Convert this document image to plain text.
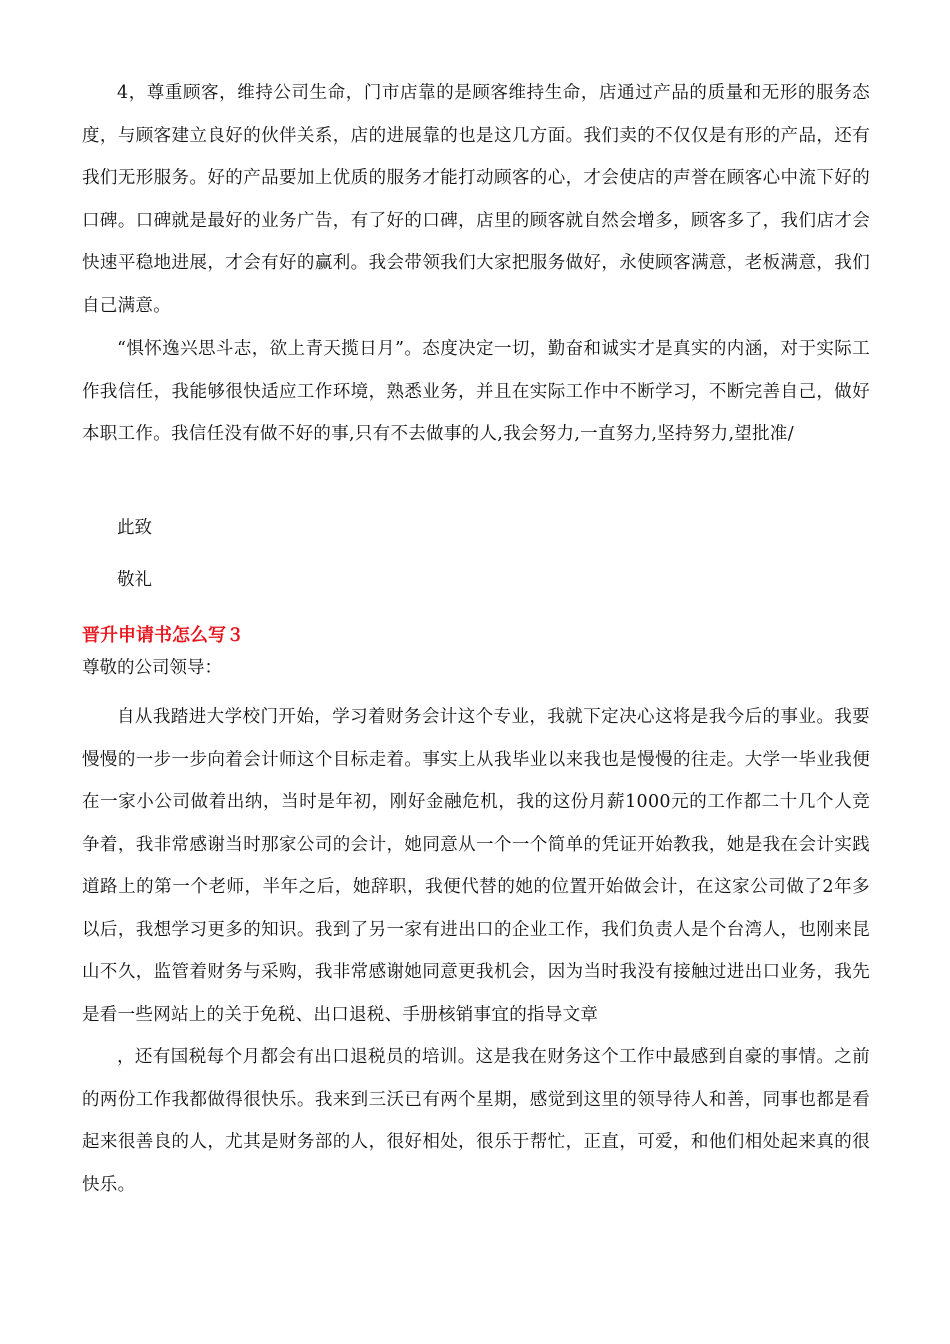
4，尊重顾客，维持公司生命，门市店靠的是顾客维持生命，店通过产品的质量和无形的服务态度，与顾客建立良好的伙伴关系，店的进展靠的也是这几方面。我们卖的不仅仅是有形的产品，还有我们无形服务。好的产品要加上优质的服务才能打动顾客的心，才会使店的声誉在顾客心中流下好的口碑。口碑就是最好的业务广告，有了好的口碑，店里的顾客就自然会增多，顾客多了，我们店才会快速平稳地进展，才会有好的赢利。我会带领我们大家把服务做好，永使顾客满意，老板满意，我们自己满意。

“惧怀逸兴思斗志，欲上青天揽日月”。态度决定一切，勤奋和诚实才是真实的内涵，对于实际工作我信任，我能够很快适应工作环境，熟悉业务，并且在实际工作中不断学习，不断完善自己，做好本职工作。我信任没有做不好的事,只有不去做事的人,我会努力,一直努力,坚持努力,望批准/

此致

敬礼

晋升申请书怎么写３

尊敬的公司领导：

自从我踏进大学校门开始，学习着财务会计这个专业，我就下定决心这将是我今后的事业。我要慢慢的一步一步向着会计师这个目标走着。事实上从我毕业以来我也是慢慢的往走。大学一毕业我便在一家小公司做着出纳，当时是年初，刚好金融危机，我的这份月薪1000元的工作都二十几个人竞争着，我非常感谢当时那家公司的会计，她同意从一个一个简单的凭证开始教我，她是我在会计实践道路上的第一个老师，半年之后，她辞职，我便代替的她的位置开始做会计，在这家公司做了2年多以后，我想学习更多的知识。我到了另一家有进出口的企业工作，我们负责人是个台湾人，也刚来昆山不久，监管着财务与采购，我非常感谢她同意更我机会，因为当时我没有接触过进出口业务，我先是看一些网站上的关于免税、出口退税、手册核销事宜的指导文章

，还有国税每个月都会有出口退税员的培训。这是我在财务这个工作中最感到自豪的事情。之前的两份工作我都做得很快乐。我来到三沃已有两个星期，感觉到这里的领导待人和善，同事也都是看起来很善良的人，尤其是财务部的人，很好相处，很乐于帮忙，正直，可爱，和他们相处起来真的很快乐。
